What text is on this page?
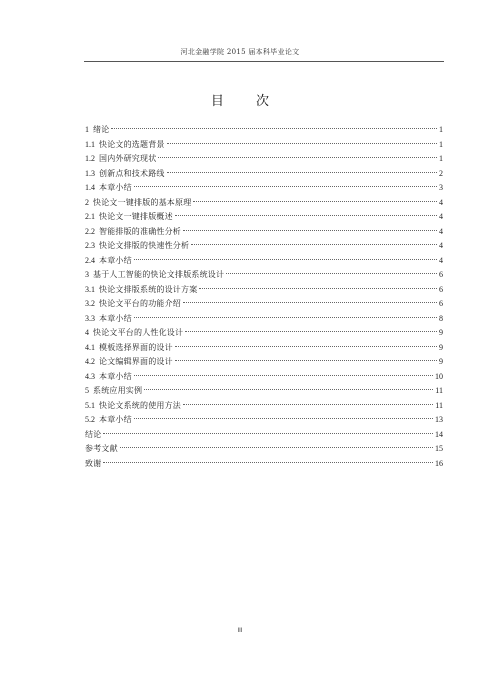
河北金融学院 2015 届本科毕业论文
目 次
1 绪论	1
1.1 快论文的选题背景	1
1.2 国内外研究现状	1
1.3 创新点和技术路线	2
1.4 本章小结	3
2 快论文一键排版的基本原理	4
2.1 快论文一键排版概述	4
2.2 智能排版的准确性分析	4
2.3 快论文排版的快速性分析	4
2.4 本章小结	4
3 基于人工智能的快论文排版系统设计	6
3.1 快论文排版系统的设计方案	6
3.2 快论文平台的功能介绍	6
3.3 本章小结	8
4 快论文平台的人性化设计	9
4.1 模板选择界面的设计	9
4.2 论文编辑界面的设计	9
4.3 本章小结	10
5 系统应用实例	11
5.1 快论文系统的使用方法	11
5.2 本章小结	13
结论	14
参考文献	15
致谢	16
III
